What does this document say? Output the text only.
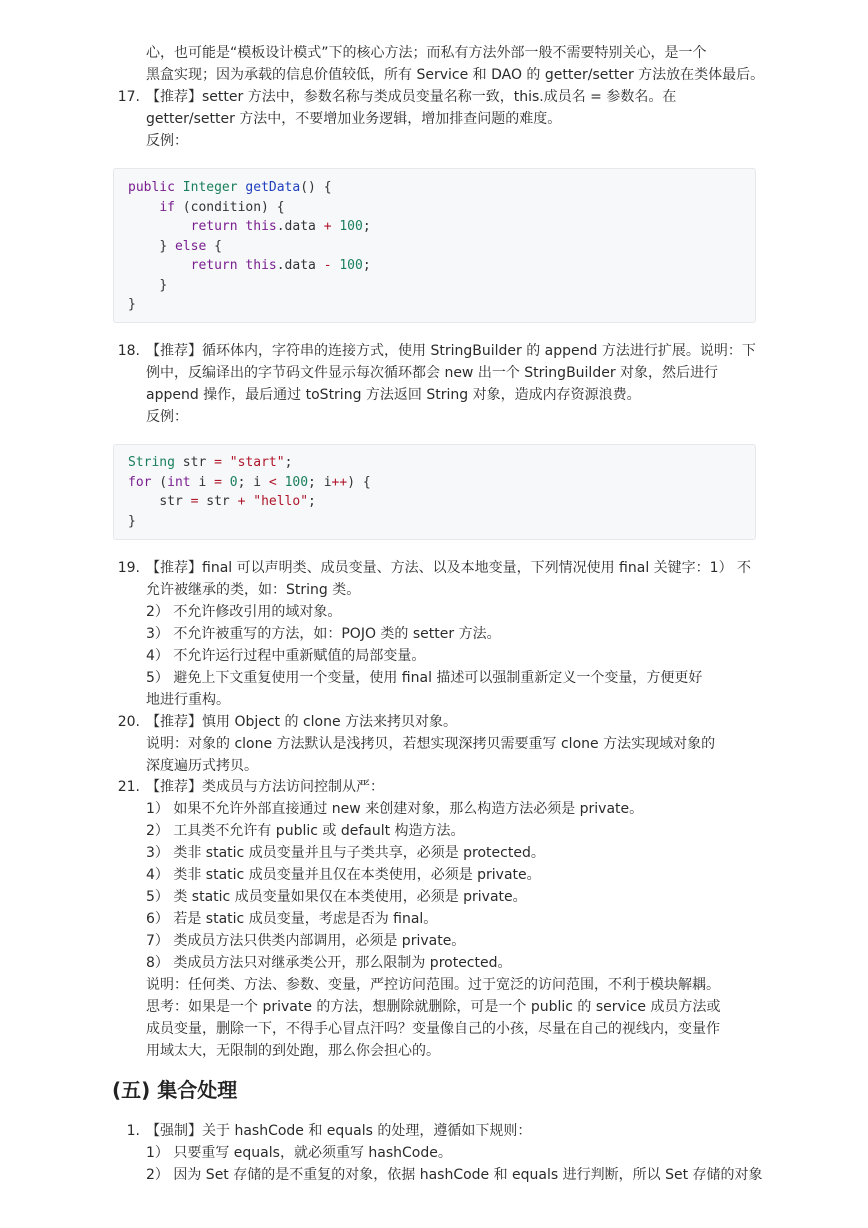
心，也可能是“模板设计模式”下的核心方法；而私有方法外部一般不需要特别关心，是一个
黑盒实现；因为承载的信息价值较低，所有 Service 和 DAO 的 getter/setter 方法放在类体最后。
17. 【推荐】setter 方法中，参数名称与类成员变量名称一致，this.成员名 = 参数名。在
getter/setter 方法中，不要增加业务逻辑，增加排查问题的难度。
反例：
public Integer getData() {
if (condition) {
return this.data + 100;
} else {
return this.data - 100;
}
}
18. 【推荐】循环体内，字符串的连接方式，使用 StringBuilder 的 append 方法进行扩展。说明：下
例中，反编译出的字节码文件显示每次循环都会 new 出一个 StringBuilder 对象，然后进行
append 操作，最后通过 toString 方法返回 String 对象，造成内存资源浪费。
反例：
String str = "start";
for (int i = 0; i < 100; i++) {
str = str + "hello";
}
19. 【推荐】final 可以声明类、成员变量、方法、以及本地变量，下列情况使用 final 关键字：1） 不
允许被继承的类，如：String 类。
2） 不允许修改引用的域对象。
3） 不允许被重写的方法，如：POJO 类的 setter 方法。
4） 不允许运行过程中重新赋值的局部变量。
5） 避免上下文重复使用一个变量，使用 final 描述可以强制重新定义一个变量，方便更好
地进行重构。
20. 【推荐】慎用 Object 的 clone 方法来拷贝对象。
说明：对象的 clone 方法默认是浅拷贝，若想实现深拷贝需要重写 clone 方法实现域对象的
深度遍历式拷贝。
21. 【推荐】类成员与方法访问控制从严：
1） 如果不允许外部直接通过 new 来创建对象，那么构造方法必须是 private。
2） 工具类不允许有 public 或 default 构造方法。
3） 类非 static 成员变量并且与子类共享，必须是 protected。
4） 类非 static 成员变量并且仅在本类使用，必须是 private。
5） 类 static 成员变量如果仅在本类使用，必须是 private。
6） 若是 static 成员变量，考虑是否为 final。
7） 类成员方法只供类内部调用，必须是 private。
8） 类成员方法只对继承类公开，那么限制为 protected。
说明：任何类、方法、参数、变量，严控访问范围。过于宽泛的访问范围，不利于模块解耦。
思考：如果是一个 private 的方法，想删除就删除，可是一个 public 的 service 成员方法或
成员变量，删除一下，不得手心冒点汗吗？变量像自己的小孩，尽量在自己的视线内，变量作
用域太大，无限制的到处跑，那么你会担心的。
(五) 集合处理
1. 【强制】关于 hashCode 和 equals 的处理，遵循如下规则：
1） 只要重写 equals，就必须重写 hashCode。
2） 因为 Set 存储的是不重复的对象，依据 hashCode 和 equals 进行判断，所以 Set 存储的对象
